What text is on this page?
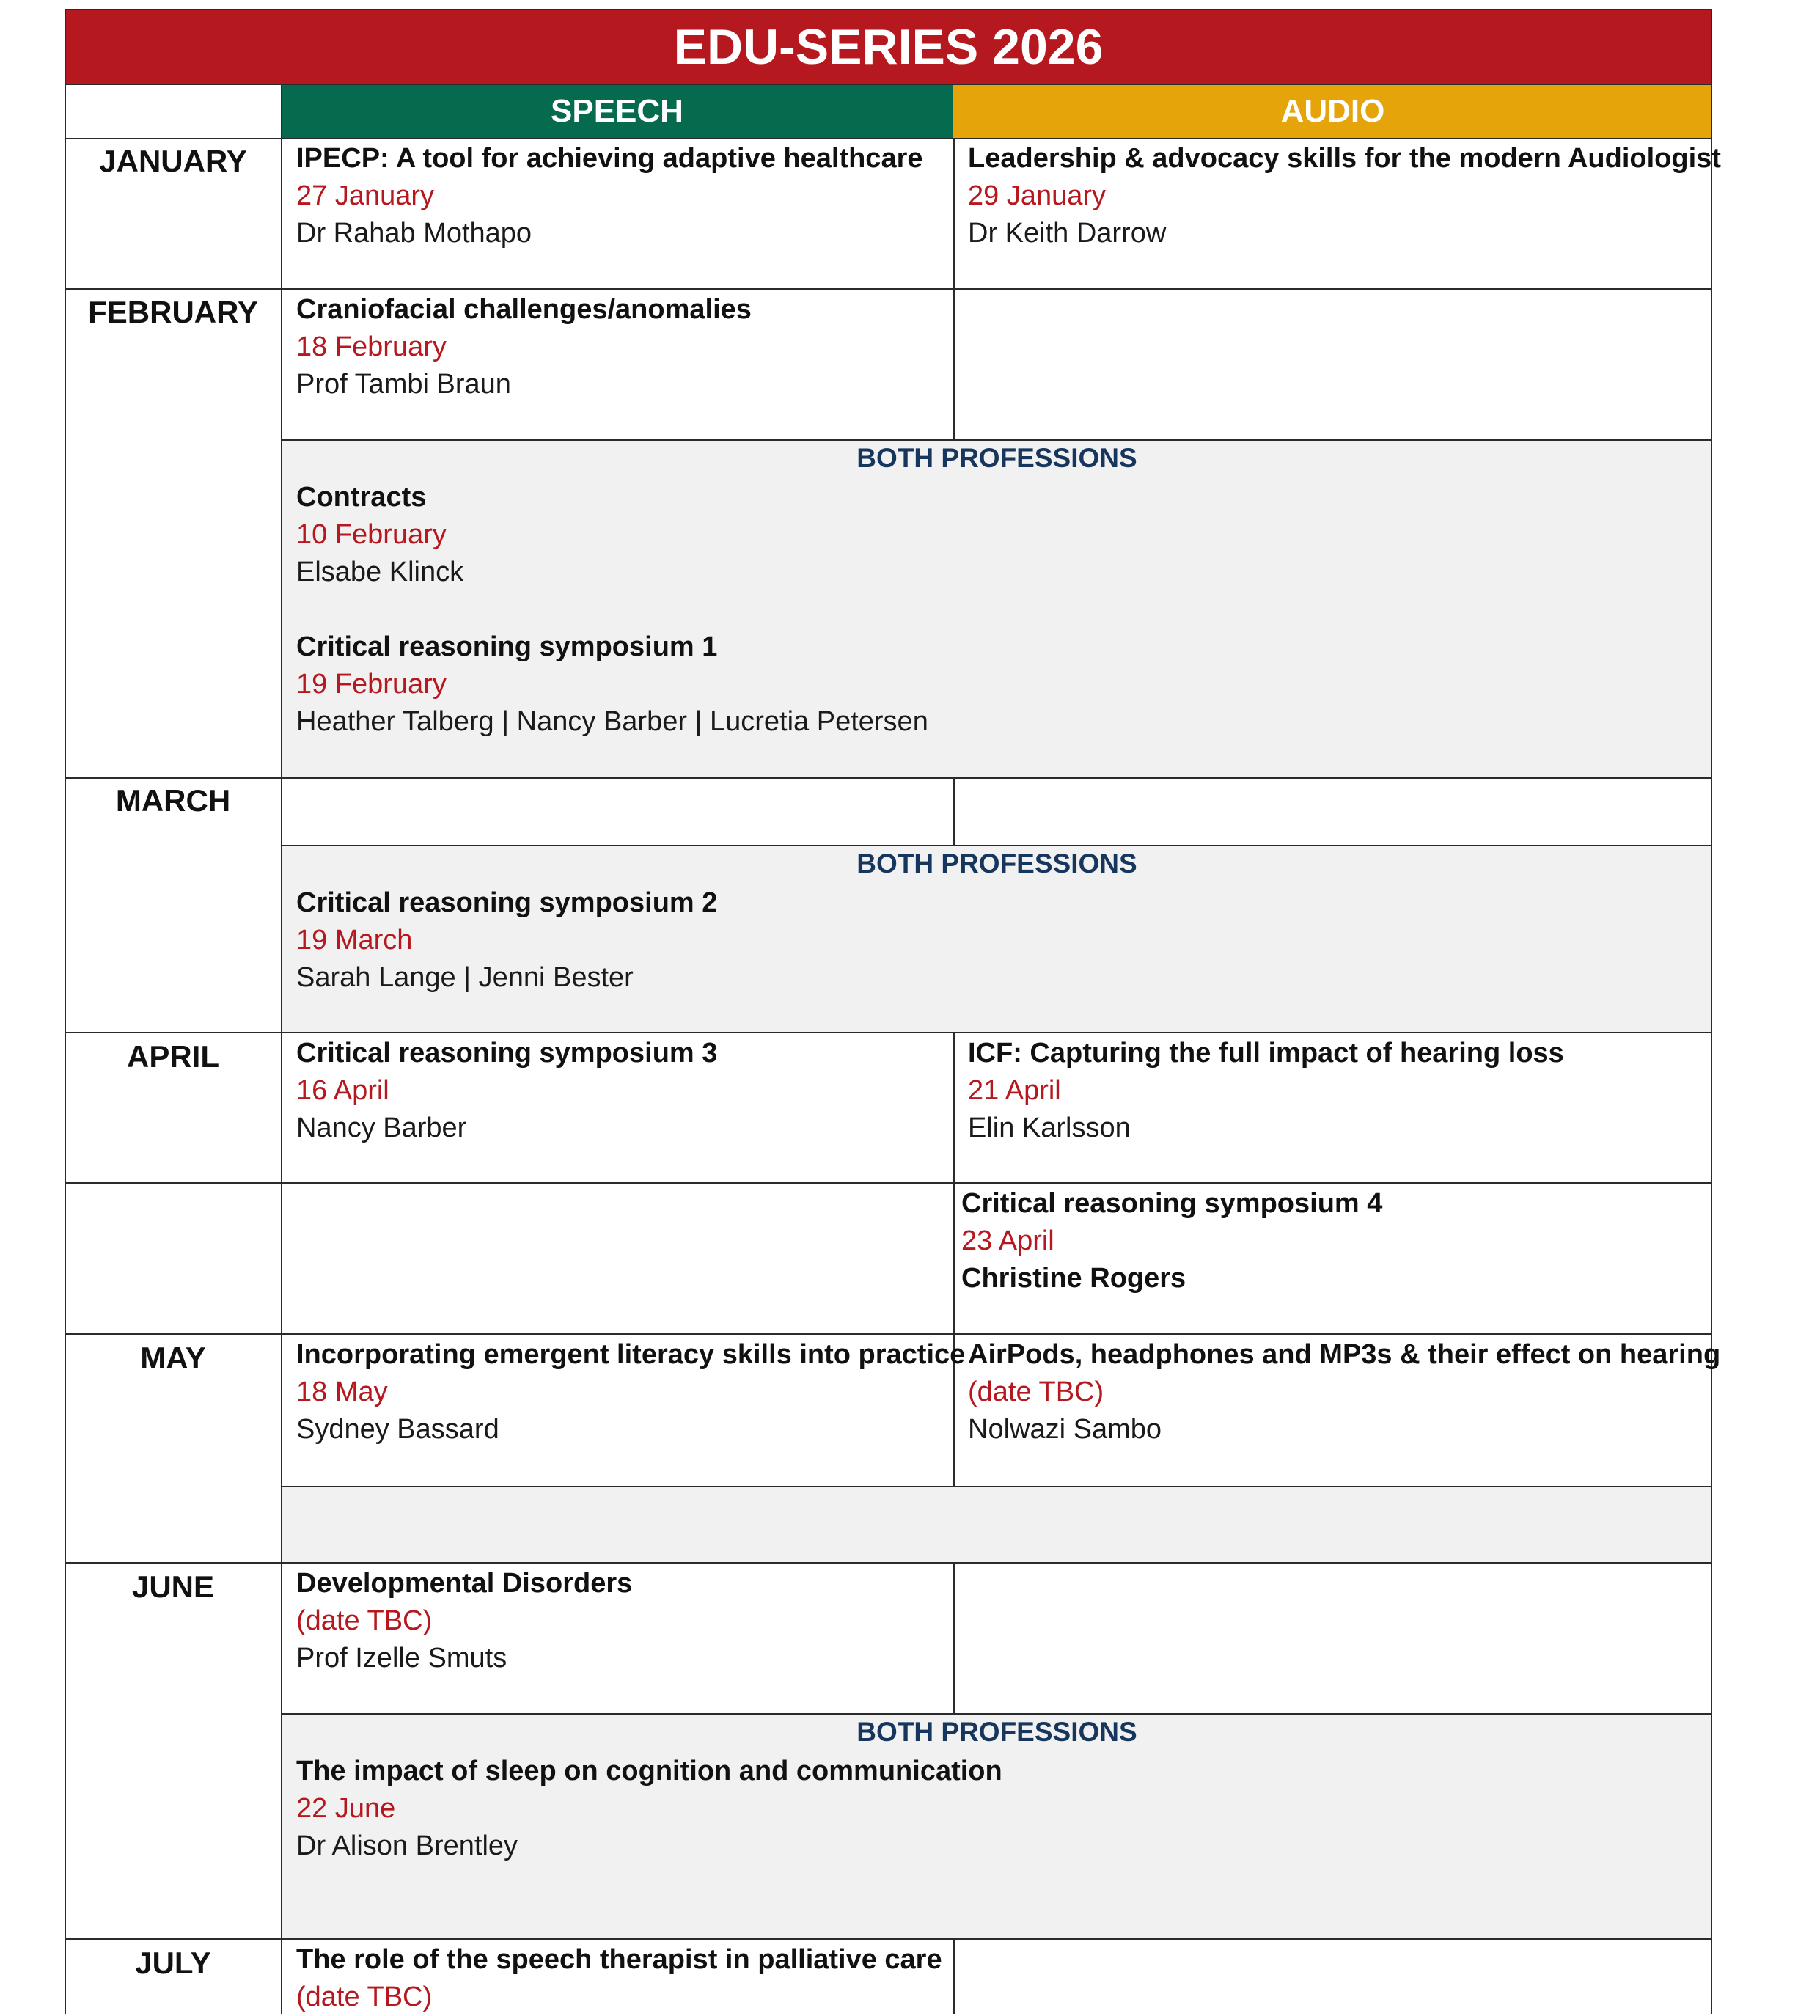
EDU-SERIES 2026
SPEECH	AUDIO
JANUARY
FEBRUARY
MARCH
APRIL
MAY
JUNE
JULY
IPECP: A tool for achieving adaptive healthcare
27 January
Dr Rahab Mothapo
Leadership & advocacy skills for the modern Audiologist
29 January
Dr Keith Darrow
Craniofacial challenges/anomalies
18 February
Prof Tambi Braun
BOTH PROFESSIONS
Contracts
10 February
Elsabe Klinck
Critical reasoning symposium 1
19 February
Heather Talberg | Nancy Barber | Lucretia Petersen
BOTH PROFESSIONS
Critical reasoning symposium 2
19 March
Sarah Lange | Jenni Bester
Critical reasoning symposium 3
16 April
Nancy Barber
ICF: Capturing the full impact of hearing loss
21 April
Elin Karlsson
Critical reasoning symposium 4
23 April
Christine Rogers
Incorporating emergent literacy skills into practice
18 May
Sydney Bassard
AirPods, headphones and MP3s & their effect on hearing
(date TBC)
Nolwazi Sambo
Developmental Disorders
(date TBC)
Prof Izelle Smuts
BOTH PROFESSIONS
The impact of sleep on cognition and communication
22 June
Dr Alison Brentley
The role of the speech therapist in palliative care
(date TBC)
